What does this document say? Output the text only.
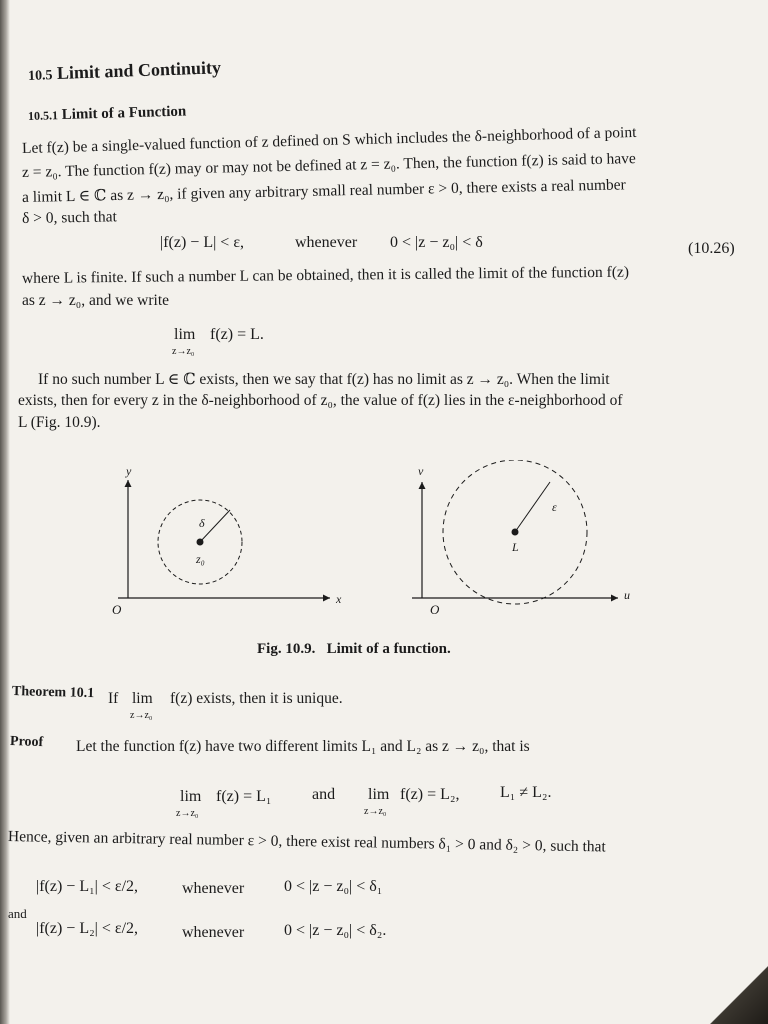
10.5 Limit and Continuity
10.5.1 Limit of a Function
Let f(z) be a single-valued function of z defined on S which includes the δ-neighborhood of a point
z = z₀. The function f(z) may or may not be defined at z = z₀. Then, the function f(z) is said to have
a limit L ∈ ℂ as z → z₀, if given any arbitrary small real number ε > 0, there exists a real number
δ > 0, such that
|f(z) − L| < ε,	whenever 0 < |z − z₀| < δ	(10.26)
where L is finite. If such a number L can be obtained, then it is called the limit of the function f(z)
as z → z₀, and we write
lim
z→z₀
f(z) = L.
If no such number L ∈ ℂ exists, then we say that f(z) has no limit as z → z₀. When the limit
exists, then for every z in the δ-neighborhood of z₀, the value of f(z) lies in the ε-neighborhood of
L (Fig. 10.9).
y
x
O
δ
z₀
v
u
O
ε
L
Fig. 10.9. Limit of a function.
Theorem 10.1 If lim
z→z₀
f(z) exists, then it is unique.
Proof Let the function f(z) have two different limits L₁ and L₂ as z → z₀, that is
lim
z→z₀
f(z) = L₁	and lim
z→z₀
f(z) = L₂,	L₁ ≠ L₂.
Hence, given an arbitrary real number ε > 0, there exist real numbers δ₁ > 0 and δ₂ > 0, such that
|f(z) − L₁| < ε/2,	whenever 0 < |z − z₀| < δ₁
and
|f(z) − L₂| < ε/2,	whenever 0 < |z − z₀| < δ₂.
